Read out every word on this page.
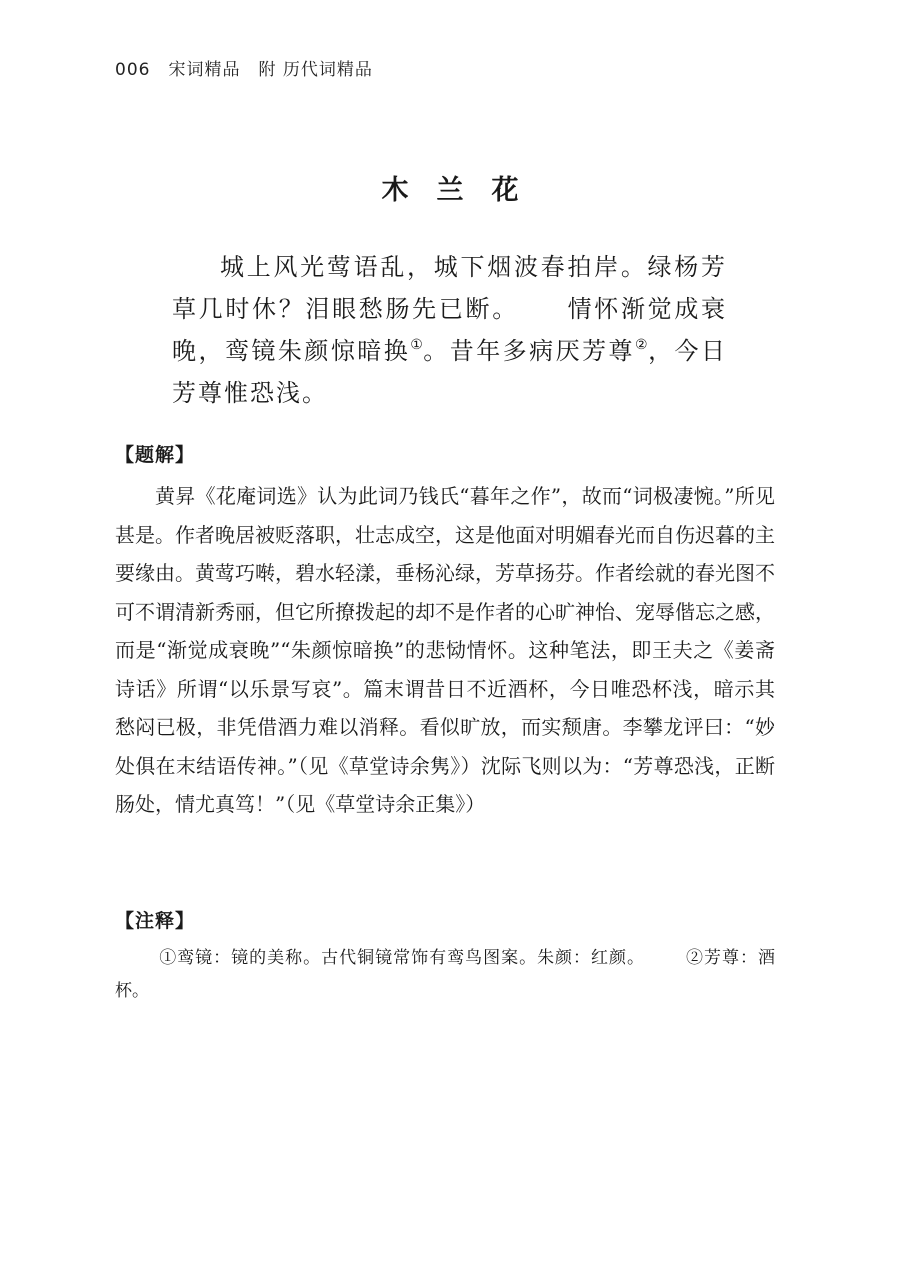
006 宋词精品 附 历代词精品
木兰花
城上风光莺语乱，城下烟波春拍岸。绿杨芳草几时休？泪眼愁肠先已断。 情怀渐觉成衰晚，鸾镜朱颜惊暗换①。昔年多病厌芳尊②，今日芳尊惟恐浅。
【题解】
黄昇《花庵词选》认为此词乃钱氏“暮年之作”，故而“词极凄惋。”所见甚是。作者晚居被贬落职，壮志成空，这是他面对明媚春光而自伤迟暮的主要缘由。黄莺巧啭，碧水轻漾，垂杨沁绿，芳草扬芬。作者绘就的春光图不可不谓清新秀丽，但它所撩拨起的却不是作者的心旷神怡、宠辱偕忘之感，而是“渐觉成衰晚”“朱颜惊暗换”的悲恸情怀。这种笔法，即王夫之《姜斋诗话》所谓“以乐景写哀”。篇末谓昔日不近酒杯，今日唯恐杯浅，暗示其愁闷已极，非凭借酒力难以消释。看似旷放，而实颓唐。李攀龙评曰：“妙处俱在末结语传神。”（见《草堂诗余隽》）沈际飞则以为：“芳尊恐浅，正断肠处，情尤真笃！”（见《草堂诗余正集》）
【注释】
①鸾镜：镜的美称。古代铜镜常饰有鸾鸟图案。朱颜：红颜。 ②芳尊：酒杯。
